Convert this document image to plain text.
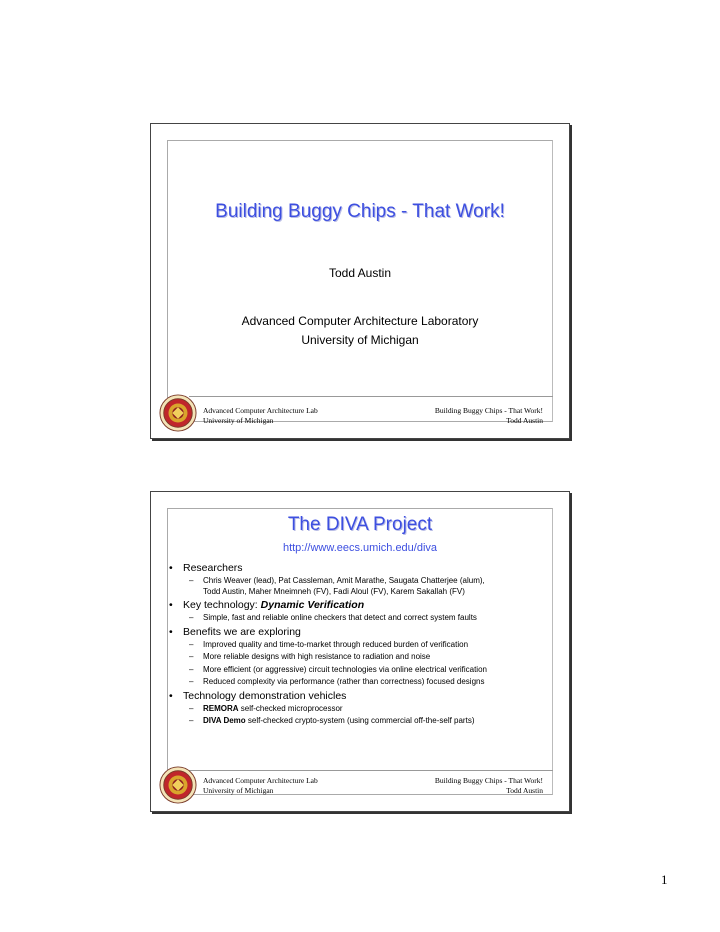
Building Buggy Chips - That Work!
Todd Austin
Advanced Computer Architecture Laboratory
University of Michigan
Advanced Computer Architecture Lab
University of Michigan
Building Buggy Chips - That Work!
Todd Austin
The DIVA Project
http://www.eecs.umich.edu/diva
• Researchers
– Chris Weaver (lead), Pat Cassleman, Amit Marathe, Saugata Chatterjee (alum),
Todd Austin, Maher Mneimneh (FV), Fadi Aloul (FV), Karem Sakallah (FV)
• Key technology: Dynamic Verification
– Simple, fast and reliable online checkers that detect and correct system faults
• Benefits we are exploring
– Improved quality and time-to-market through reduced burden of verification
– More reliable designs with high resistance to radiation and noise
– More efficient (or aggressive) circuit technologies via online electrical verification
– Reduced complexity via performance (rather than correctness) focused designs
• Technology demonstration vehicles
– REMORA self-checked microprocessor
– DIVA Demo self-checked crypto-system (using commercial off-the-self parts)
Advanced Computer Architecture Lab
University of Michigan
Building Buggy Chips - That Work!
Todd Austin
1
